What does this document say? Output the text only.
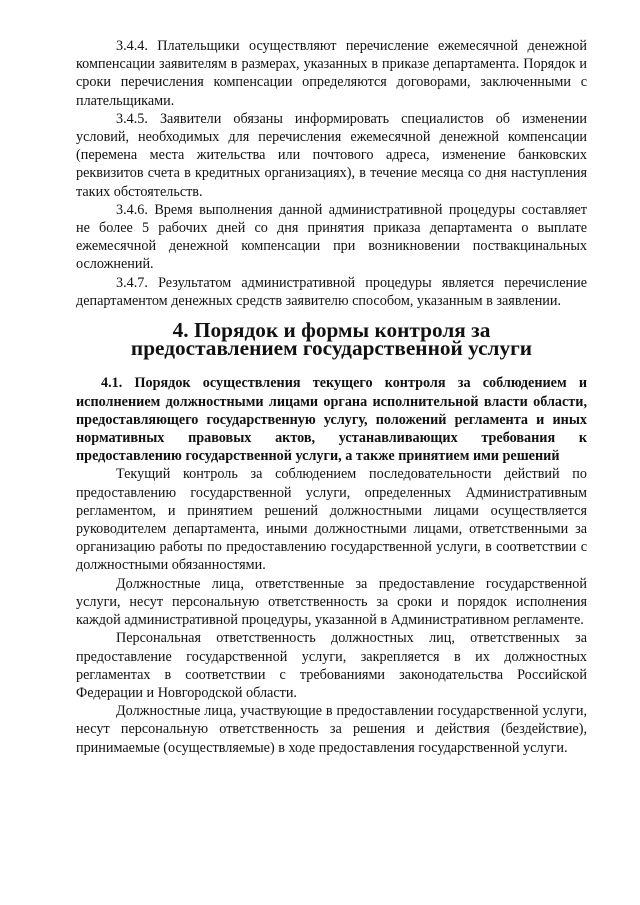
3.4.4. Плательщики осуществляют перечисление ежемесячной денежной компенсации заявителям в размерах, указанных в приказе департамента. Порядок и сроки перечисления компенсации определяются договорами, заключенными с плательщиками.

3.4.5. Заявители обязаны информировать специалистов об изменении условий, необходимых для перечисления ежемесячной денежной компенсации (перемена места жительства или почтового адреса, изменение банковских реквизитов счета в кредитных организациях), в течение месяца со дня наступления таких обстоятельств.

3.4.6. Время выполнения данной административной процедуры составляет не более 5 рабочих дней со дня принятия приказа департамента о выплате ежемесячной денежной компенсации при возникновении поствакцинальных осложнений.

3.4.7. Результатом административной процедуры является перечисление департаментом денежных средств заявителю способом, указанным в заявлении.

4. Порядок и формы контроля за
предоставлением государственной услуги

4.1. Порядок осуществления текущего контроля за соблюдением и исполнением должностными лицами органа исполнительной власти области, предоставляющего государственную услугу, положений регламента и иных нормативных правовых актов, устанавливающих требования к предоставлению государственной услуги, а также принятием ими решений

Текущий контроль за соблюдением последовательности действий по предоставлению государственной услуги, определенных Административным регламентом, и принятием решений должностными лицами осуществляется руководителем департамента, иными должностными лицами, ответственными за организацию работы по предоставлению государственной услуги, в соответствии с должностными обязанностями.

Должностные лица, ответственные за предоставление государственной услуги, несут персональную ответственность за сроки и порядок исполнения каждой административной процедуры, указанной в Административном регламенте.

Персональная ответственность должностных лиц, ответственных за предоставление государственной услуги, закрепляется в их должностных регламентах в соответствии с требованиями законодательства Российской Федерации и Новгородской области.

Должностные лица, участвующие в предоставлении государственной услуги, несут персональную ответственность за решения и действия (бездействие), принимаемые (осуществляемые) в ходе предоставления государственной услуги.
